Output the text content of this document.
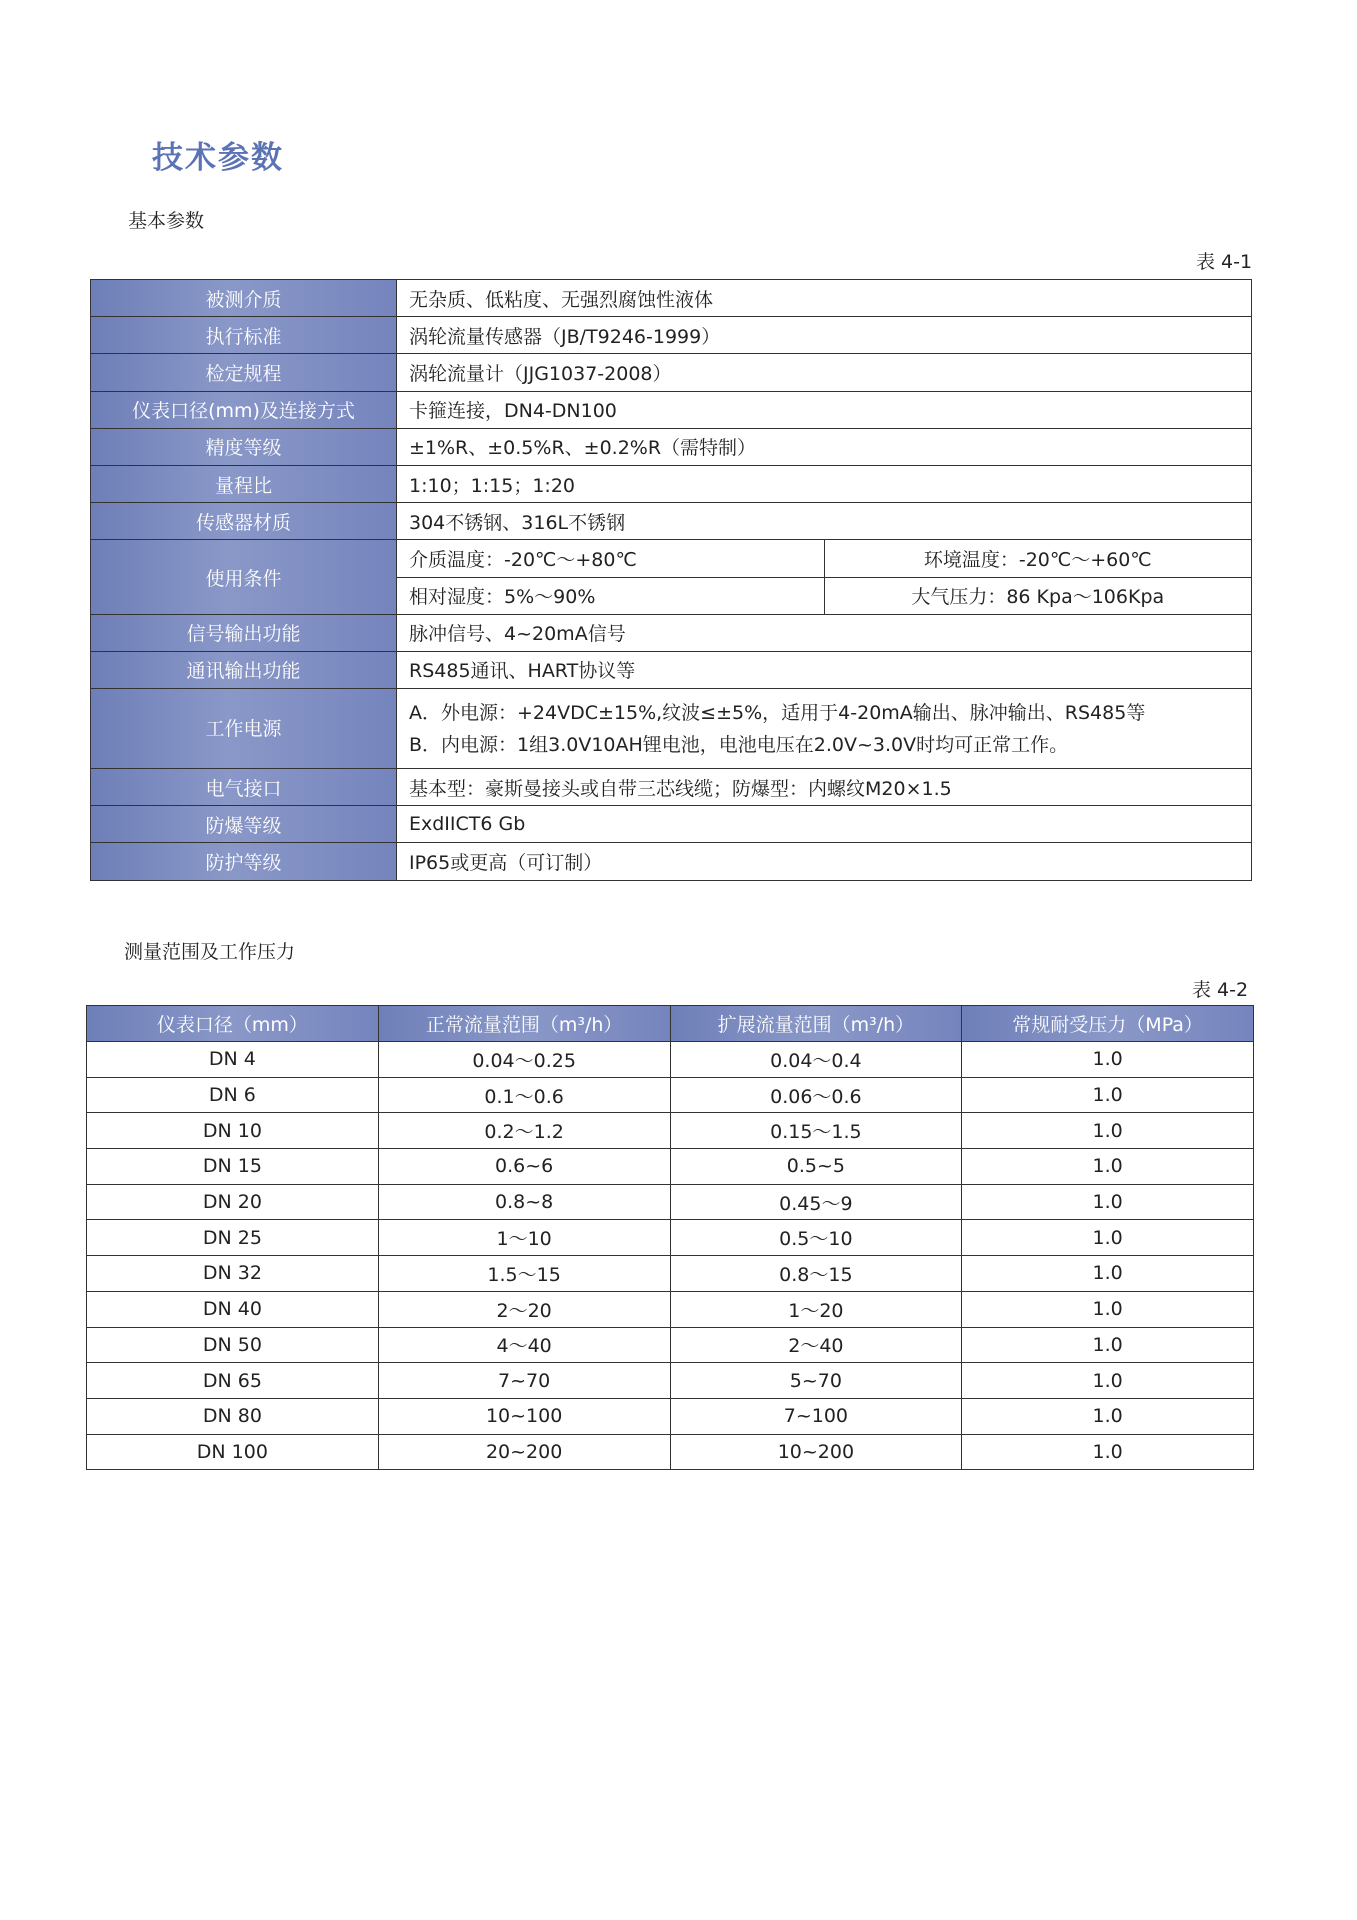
技术参数
基本参数
表 4-1
被测介质	无杂质、低粘度、无强烈腐蚀性液体	
执行标准	涡轮流量传感器（JB/T9246-1999）	
检定规程	涡轮流量计（JJG1037-2008）	
仪表口径(mm)及连接方式	卡箍连接，DN4-DN100	
精度等级	±1%R、±0.5%R、±0.2%R（需特制）	
量程比	1:10；1:15；1:20	
传感器材质	304不锈钢、316L不锈钢	
使用条件	介质温度：-20℃～+80℃	环境温度：-20℃～+60℃
	相对湿度：5%～90%	大气压力：86 Kpa～106Kpa
信号输出功能	脉冲信号、4~20mA信号	
通讯输出功能	RS485通讯、HART协议等	
工作电源	A．外电源：+24VDC±15%,纹波≤±5%，适用于4-20mA输出、脉冲输出、RS485等
B．内电源：1组3.0V10AH锂电池，电池电压在2.0V~3.0V时均可正常工作。	

电气接口	基本型：豪斯曼接头或自带三芯线缆；防爆型：内螺纹M20×1.5	
防爆等级	ExdIICT6 Gb	
防护等级	IP65或更高（可订制）	
测量范围及工作压力
表 4-2
仪表口径（mm）	正常流量范围（m³/h）	扩展流量范围（m³/h）	常规耐受压力（MPa）
DN 4	0.04～0.25	0.04～0.4	1.0
DN 6	0.1～0.6	0.06～0.6	1.0
DN 10	0.2～1.2	0.15～1.5	1.0
DN 15	0.6~6	0.5~5	1.0
DN 20	0.8~8	0.45～9	1.0
DN 25	1～10	0.5～10	1.0
DN 32	1.5～15	0.8～15	1.0
DN 40	2～20	1～20	1.0
DN 50	4～40	2～40	1.0
DN 65	7~70	5~70	1.0
DN 80	10~100	7~100	1.0
DN 100	20~200	10~200	1.0
